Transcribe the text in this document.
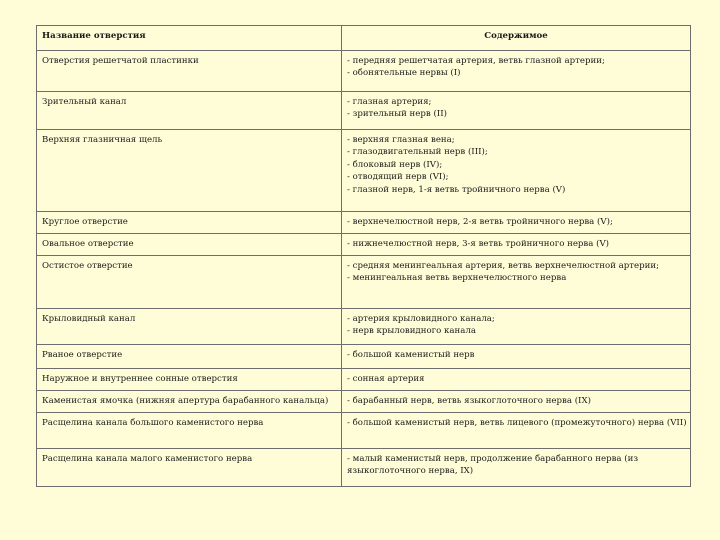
Название отверстия	Содержимое
Отверстия решетчатой пластинки	- передняя решетчатая артерия, ветвь глазной артерии;
- обонятельные нервы (I)

Зрительный канал	- глазная артерия;
- зрительный нерв (II)

Верхняя глазничная щель	- верхняя глазная вена;
- глазодвигательный нерв (III);
- блоковый нерв (IV);
- отводящий нерв (VI);
- глазной нерв, 1-я ветвь тройничного нерва (V)

Круглое отверстие	- верхнечелюстной нерв, 2-я ветвь тройничного нерва (V);

Овальное отверстие	- нижнечелюстной нерв, 3-я ветвь тройничного нерва (V)

Остистое отверстие	- средняя менингеальная артерия, ветвь верхнечелюстной артерии;
- менингеальная ветвь верхнечелюстного нерва

Крыловидный канал	- артерия крыловидного канала;
- нерв крыловидного канала

Рваное отверстие	- большой каменистый нерв

Наружное и внутреннее сонные отверстия	- сонная артерия

Каменистая ямочка (нижняя апертура барабанного канальца)	- барабанный нерв, ветвь языкоглоточного нерва (IX)

Расщелина канала большого каменистого нерва	- большой каменистый нерв, ветвь лицевого (промежуточного) нерва (VII)

Расщелина канала малого каменистого нерва	- малый каменистый нерв, продолжение барабанного нерва (из языкоглоточного нерва, IX)
